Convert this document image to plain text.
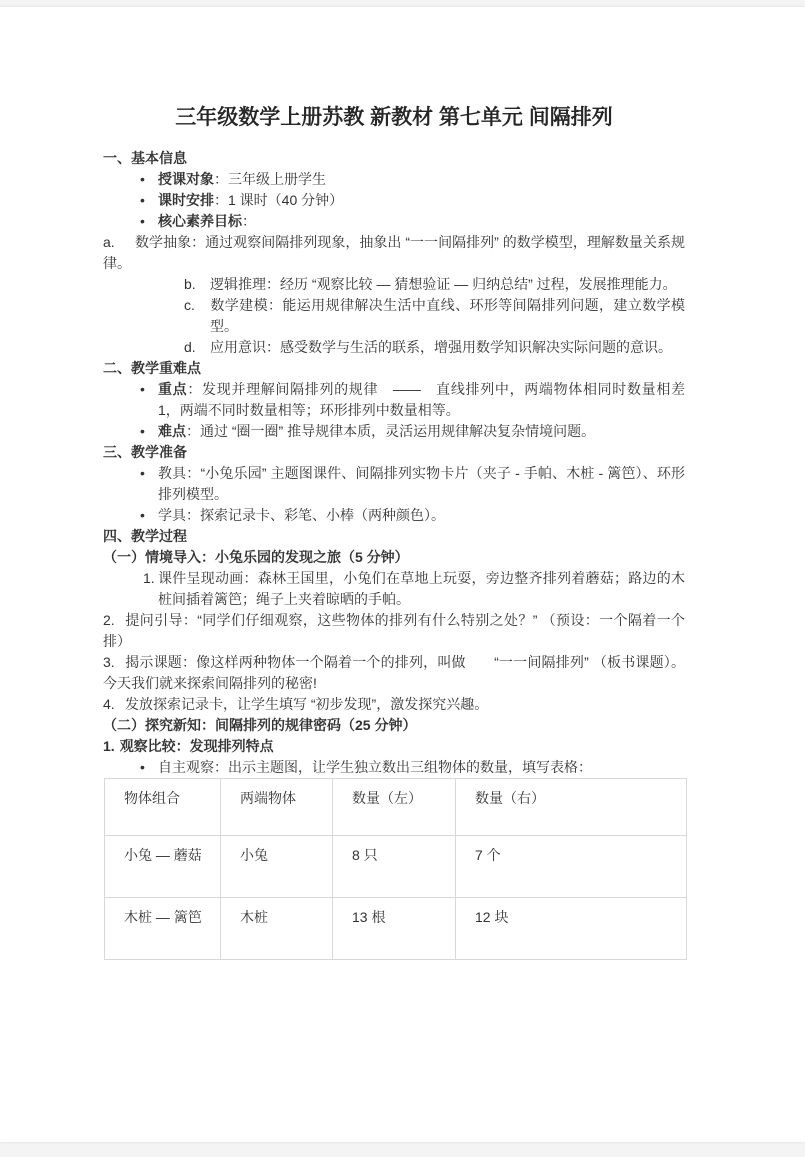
三年级数学上册苏教 新教材 第七单元 间隔排列
一、基本信息
• 授课对象：三年级上册学生
• 课时安排：1 课时（40 分钟）
• 核心素养目标：

a. 数学抽象：通过观察间隔排列现象，抽象出 “一一间隔排列” 的数学模型，理解数量关系规律。

b. 逻辑推理：经历 “观察比较 — 猜想验证 — 归纳总结” 过程，发展推理能力。

c. 数学建模：能运用规律解决生活中直线、环形等间隔排列问题，建立数学模型。

d. 应用意识：感受数学与生活的联系，增强用数学知识解决实际问题的意识。

二、教学重难点
• 重点：发现并理解间隔排列的规律　——　直线排列中，两端物体相同时数量相差 1，两端不同时数量相等；环形排列中数量相等。
• 难点：通过 “圈一圈” 推导规律本质，灵活运用规律解决复杂情境问题。
三、教学准备
• 教具：“小兔乐园” 主题图课件、间隔排列实物卡片（夹子 - 手帕、木桩 - 篱笆）、环形排列模型。
• 学具：探索记录卡、彩笔、小棒（两种颜色）。
四、教学过程
（一）情境导入：小兔乐园的发现之旅（5 分钟）

1. 课件呈现动画：森林王国里，小兔们在草地上玩耍，旁边整齐排列着蘑菇；路边的木桩间插着篱笆；绳子上夹着晾晒的手帕。

2. 提问引导：“同学们仔细观察，这些物体的排列有什么特别之处？” （预设：一个隔着一个排）

3. 揭示课题：像这样两种物体一个隔着一个的排列，叫做　　“一一间隔排列” （板书课题）。今天我们就来探索间隔排列的秘密!

4. 发放探索记录卡，让学生填写 “初步发现”，激发探究兴趣。

（二）探究新知：间隔排列的规律密码（25 分钟）
1. 观察比较：发现排列特点
• 自主观察：出示主题图，让学生独立数出三组物体的数量，填写表格：
物体组合	两端物体	数量（左）	数量（右）
小兔 — 蘑菇	小兔	8 只	7 个
木桩 — 篱笆	木桩	13 根	12 块
